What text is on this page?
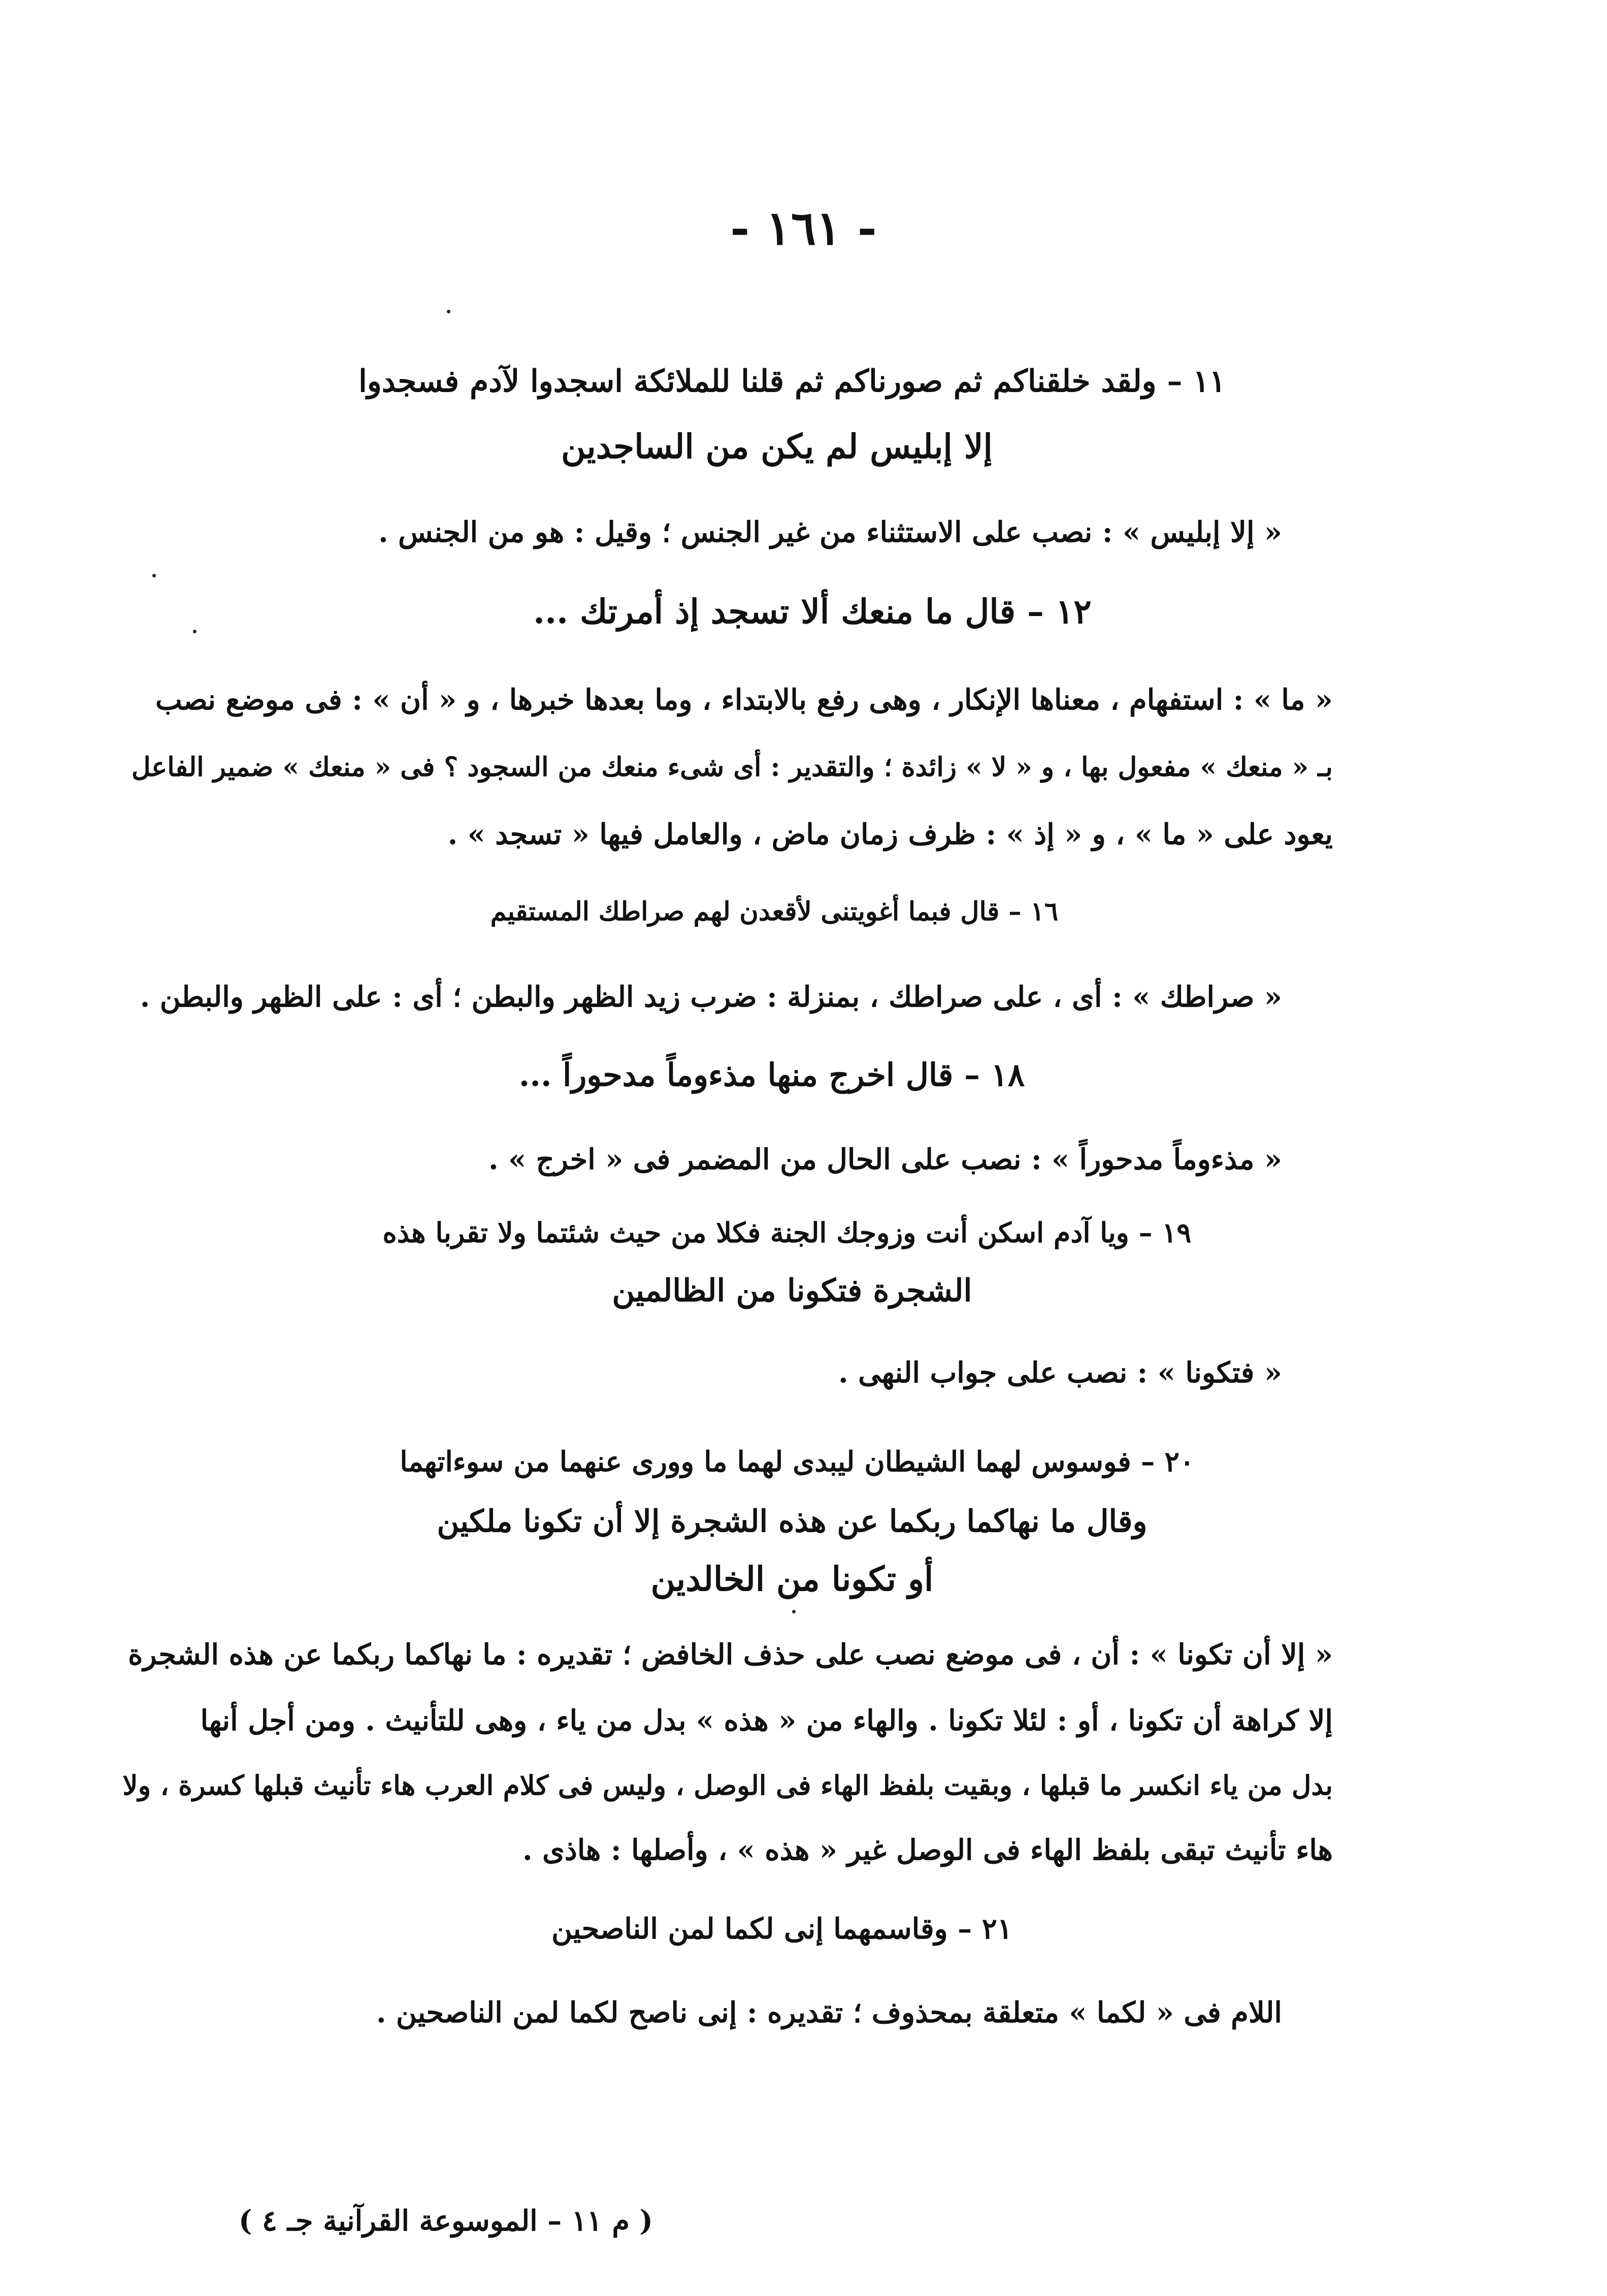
- ١٦١ -
١١ – ولقد خلقناكم ثم صورناكم ثم قلنا للملائكة اسجدوا لآدم فسجدوا
إلا إبليس لم يكن من الساجدين
« إلا إبليس » : نصب على الاستثناء من غير الجنس ؛ وقيل : هو من الجنس .
١٢ – قال ما منعك ألا تسجد إذ أمرتك ...
« ما » : استفهام ، معناها الإنكار ، وهى رفع بالابتداء ، وما بعدها خبرها ، و « أن » : فى موضع نصب
بـ « منعك » مفعول بها ، و « لا » زائدة ؛ والتقدير : أى شىء منعك من السجود ؟ فى « منعك » ضمير الفاعل
يعود على « ما » ، و « إذ » : ظرف زمان ماض ، والعامل فيها « تسجد » .
١٦ – قال فبما أغويتنى لأقعدن لهم صراطك المستقيم
« صراطك » : أى ، على صراطك ، بمنزلة : ضرب زيد الظهر والبطن ؛ أى : على الظهر والبطن .
١٨ – قال اخرج منها مذءوماً مدحوراً ...
« مذءوماً مدحوراً » : نصب على الحال من المضمر فى « اخرج » .
١٩ – ويا آدم اسكن أنت وزوجك الجنة فكلا من حيث شئتما ولا تقربا هذه
الشجرة فتكونا من الظالمين
« فتكونا » : نصب على جواب النهى .
٢٠ – فوسوس لهما الشيطان ليبدى لهما ما وورى عنهما من سوءاتهما
وقال ما نهاكما ربكما عن هذه الشجرة إلا أن تكونا ملكين
أو تكونا من الخالدين
« إلا أن تكونا » : أن ، فى موضع نصب على حذف الخافض ؛ تقديره : ما نهاكما ربكما عن هذه الشجرة
إلا كراهة أن تكونا ، أو : لئلا تكونا . والهاء من « هذه » بدل من ياء ، وهى للتأنيث . ومن أجل أنها
بدل من ياء انكسر ما قبلها ، وبقيت بلفظ الهاء فى الوصل ، وليس فى كلام العرب هاء تأنيث قبلها كسرة ، ولا
هاء تأنيث تبقى بلفظ الهاء فى الوصل غير « هذه » ، وأصلها : هاذى .
٢١ – وقاسمهما إنى لكما لمن الناصحين
اللام فى « لكما » متعلقة بمحذوف ؛ تقديره : إنى ناصح لكما لمن الناصحين .
( م ١١ – الموسوعة القرآنية جـ ٤ )
